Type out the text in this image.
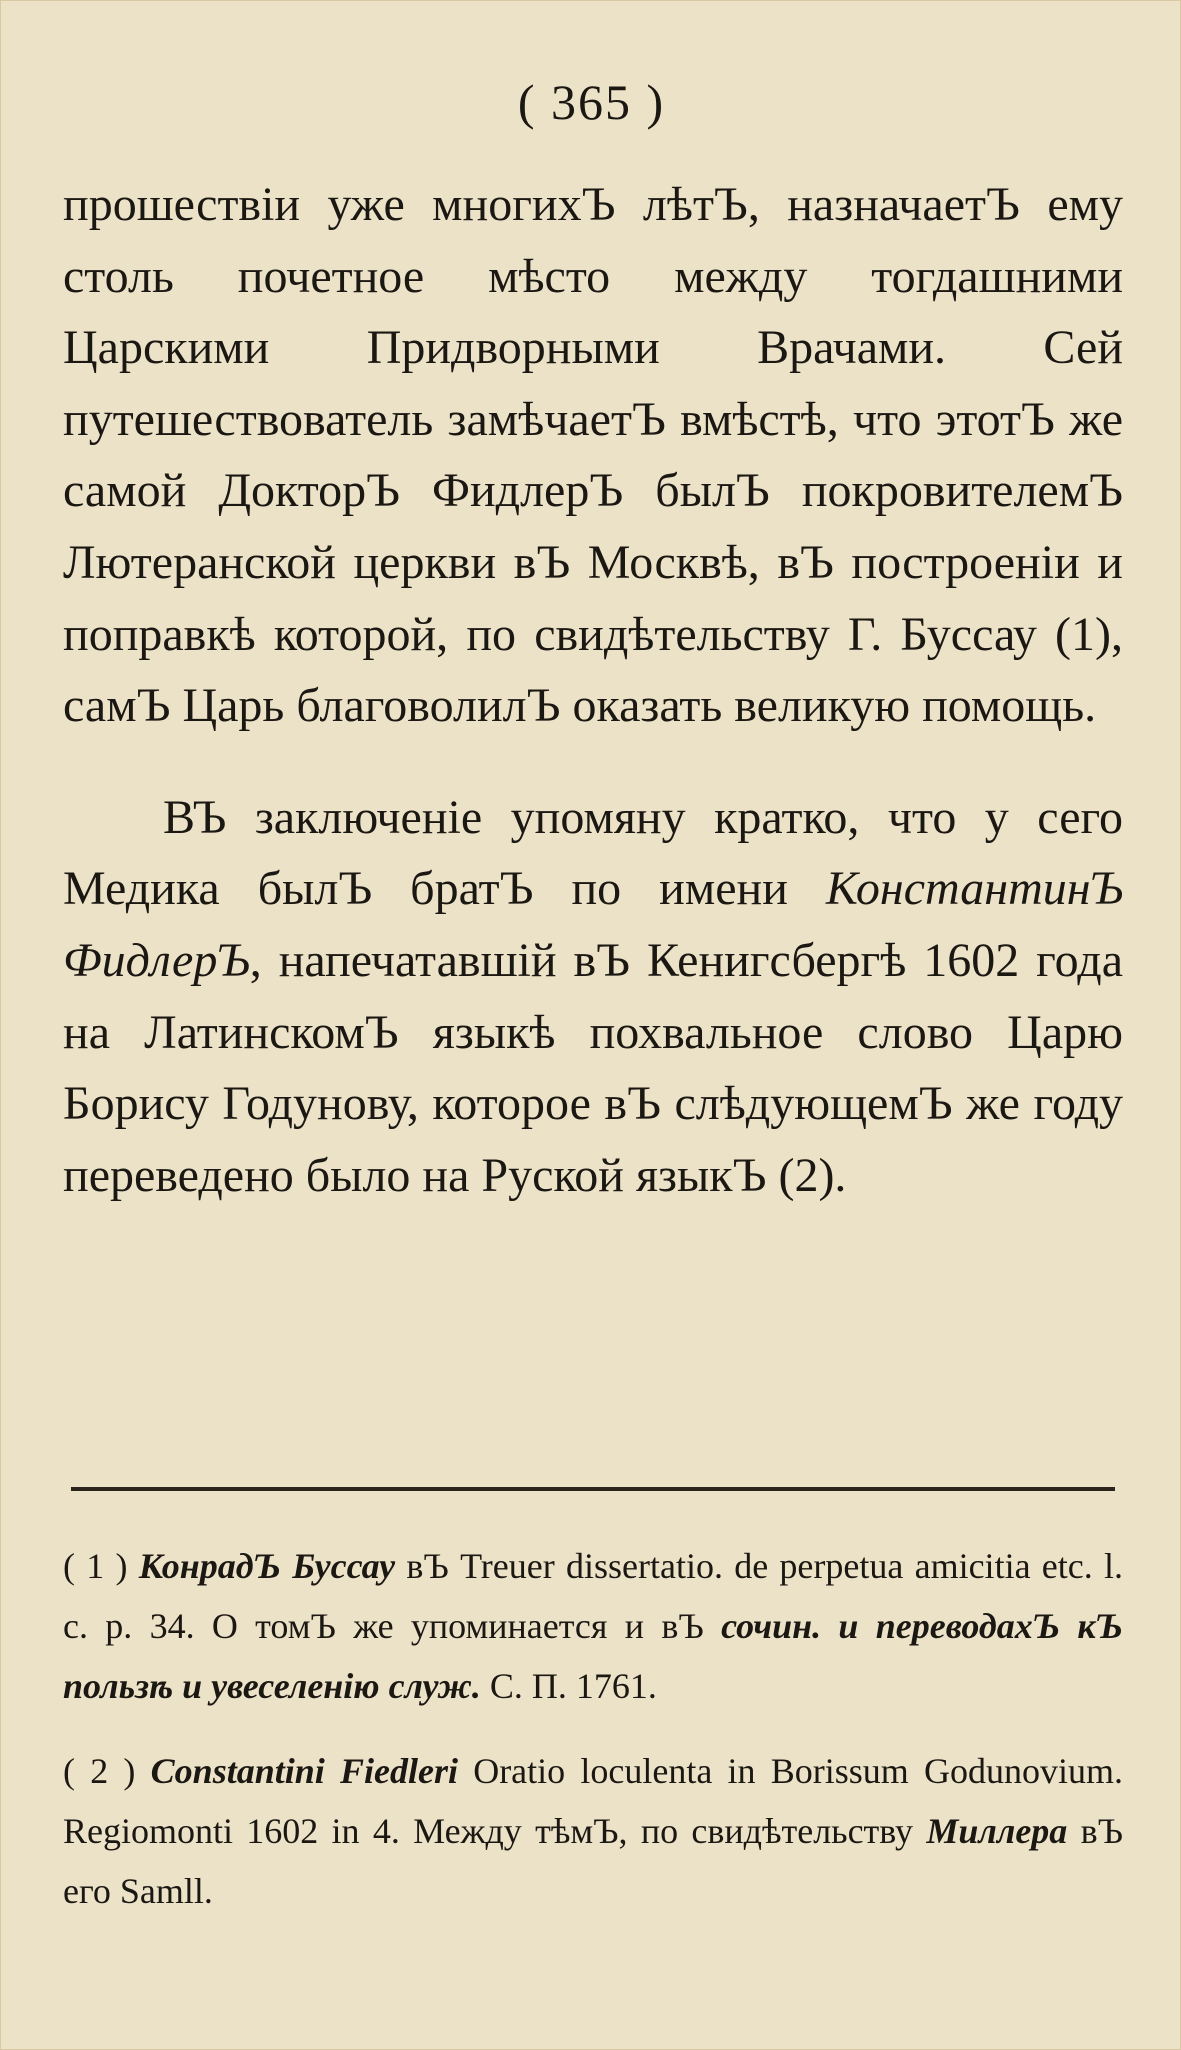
( 365 )

прошествіи уже многихЪ лѣтЪ, назначаетЪ ему столь почетное мѣсто между тогдашними Царскими Придворными Врачами. Сей путешествователь замѣчаетЪ вмѣстѣ, что этотЪ же самой ДокторЪ ФидлерЪ былЪ покровителемЪ Лютеранской церкви вЪ Москвѣ, вЪ построеніи и поправкѣ которой, по свидѣтельству Г. Буссау (1), самЪ Царь благоволилЪ оказать великую помощь.

ВЪ заключеніе упомяну кратко, что у сего Медика былЪ братЪ по имени КонстантинЪ ФидлерЪ, напечатавшій вЪ Кенигсбергѣ 1602 года на ЛатинскомЪ языкѣ похвальное слово Царю Борису Годунову, которое вЪ слѣдующемЪ же году переведено было на Руской языкЪ (2).

( 1 ) КонрадЪ Буссау вЪ Treuer dissertatio. de perpetua amicitia etc. l. c. p. 34. О томЪ же упоминается и вЪ сочин. и переводахЪ кЪ пользѣ и увеселенію служ. С. П. 1761.

( 2 ) Constantini Fiedleri Oratio loculenta in Borissum Godunovium. Regiomonti 1602 in 4. Между тѣмЪ, по свидѣтельству Миллера вЪ его Samll.
